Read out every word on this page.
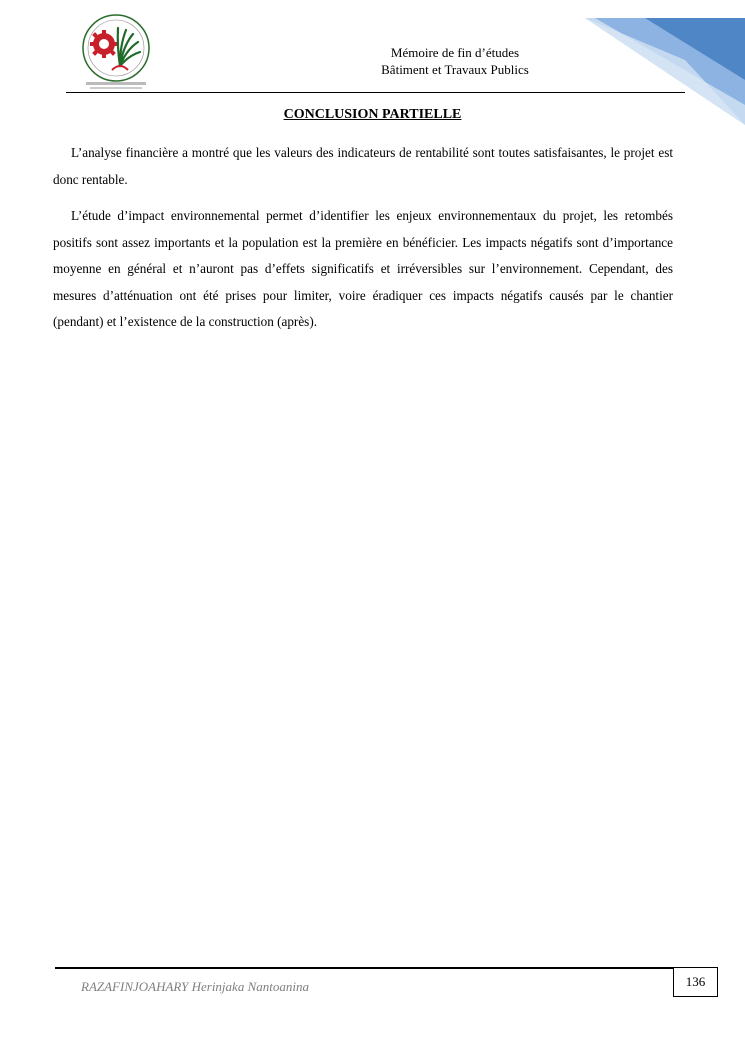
Mémoire de fin d’études
Bâtiment et Travaux Publics
CONCLUSION PARTIELLE

L’analyse financière a montré que les valeurs des indicateurs de rentabilité sont toutes satisfaisantes, le projet est donc rentable.

L’étude d’impact environnemental permet d’identifier les enjeux environnementaux du projet, les retombés positifs sont assez importants et la population est la première en bénéficier. Les impacts négatifs sont d’importance moyenne en général et n’auront pas d’effets significatifs et irréversibles sur l’environnement. Cependant, des mesures d’atténuation ont été prises pour limiter, voire éradiquer ces impacts négatifs causés par le chantier (pendant) et l’existence de la construction (après).

RAZAFINJOAHARY Herinjaka Nantoanina	136
